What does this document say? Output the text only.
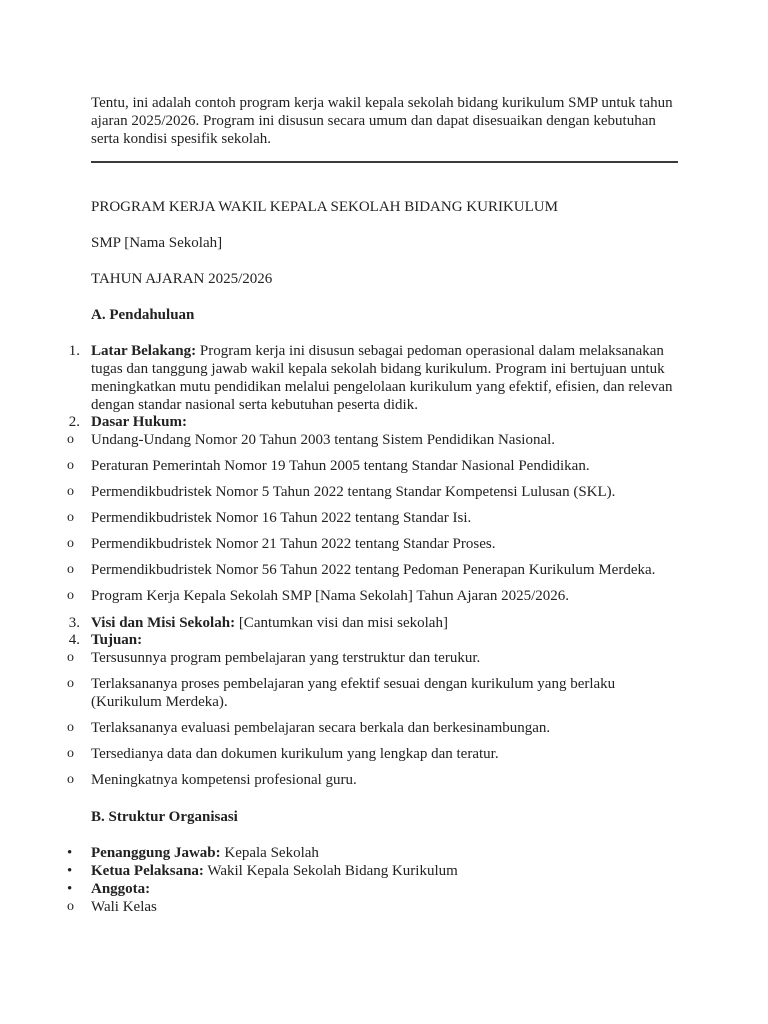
Tentu, ini adalah contoh program kerja wakil kepala sekolah bidang kurikulum SMP untuk tahun ajaran 2025/2026. Program ini disusun secara umum dan dapat disesuaikan dengan kebutuhan serta kondisi spesifik sekolah.
PROGRAM KERJA WAKIL KEPALA SEKOLAH BIDANG KURIKULUM
SMP [Nama Sekolah]
TAHUN AJARAN 2025/2026
A. Pendahuluan
1. Latar Belakang: Program kerja ini disusun sebagai pedoman operasional dalam melaksanakan tugas dan tanggung jawab wakil kepala sekolah bidang kurikulum. Program ini bertujuan untuk meningkatkan mutu pendidikan melalui pengelolaan kurikulum yang efektif, efisien, dan relevan dengan standar nasional serta kebutuhan peserta didik.
2. Dasar Hukum:
o	Undang-Undang Nomor 20 Tahun 2003 tentang Sistem Pendidikan Nasional.
o	Peraturan Pemerintah Nomor 19 Tahun 2005 tentang Standar Nasional Pendidikan.
o	Permendikbudristek Nomor 5 Tahun 2022 tentang Standar Kompetensi Lulusan (SKL).
o	Permendikbudristek Nomor 16 Tahun 2022 tentang Standar Isi.
o	Permendikbudristek Nomor 21 Tahun 2022 tentang Standar Proses.
o	Permendikbudristek Nomor 56 Tahun 2022 tentang Pedoman Penerapan Kurikulum Merdeka.
o	Program Kerja Kepala Sekolah SMP [Nama Sekolah] Tahun Ajaran 2025/2026.
3. Visi dan Misi Sekolah: [Cantumkan visi dan misi sekolah]
4. Tujuan:
o	Tersusunnya program pembelajaran yang terstruktur dan terukur.
o	Terlaksananya proses pembelajaran yang efektif sesuai dengan kurikulum yang berlaku (Kurikulum Merdeka).
o	Terlaksananya evaluasi pembelajaran secara berkala dan berkesinambungan.
o	Tersedianya data dan dokumen kurikulum yang lengkap dan teratur.
o	Meningkatnya kompetensi profesional guru.
B. Struktur Organisasi
•	Penanggung Jawab: Kepala Sekolah
•	Ketua Pelaksana: Wakil Kepala Sekolah Bidang Kurikulum
•	Anggota:
o	Wali Kelas
